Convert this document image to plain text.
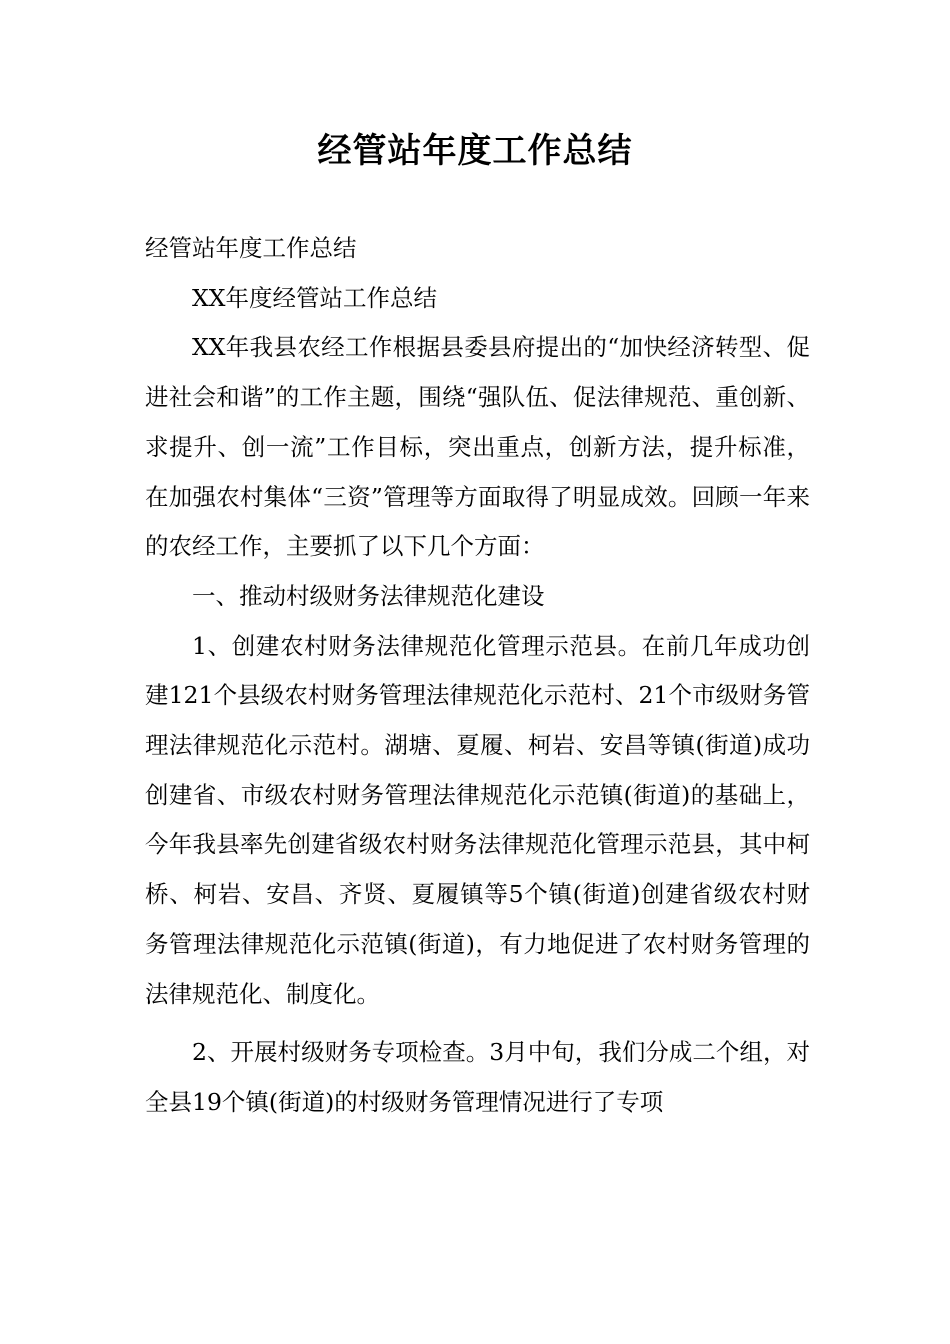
经管站年度工作总结

经管站年度工作总结

XX年度经管站工作总结

XX年我县农经工作根据县委县府提出的“加快经济转型、促进社会和谐”的工作主题，围绕“强队伍、促法律规范、重创新、求提升、创一流”工作目标，突出重点，创新方法，提升标准，在加强农村集体“三资”管理等方面取得了明显成效。回顾一年来的农经工作，主要抓了以下几个方面：

一、推动村级财务法律规范化建设

1、创建农村财务法律规范化管理示范县。在前几年成功创建121个县级农村财务管理法律规范化示范村、21个市级财务管理法律规范化示范村。湖塘、夏履、柯岩、安昌等镇(街道)成功创建省、市级农村财务管理法律规范化示范镇(街道)的基础上，今年我县率先创建省级农村财务法律规范化管理示范县，其中柯桥、柯岩、安昌、齐贤、夏履镇等5个镇(街道)创建省级农村财务管理法律规范化示范镇(街道)，有力地促进了农村财务管理的法律规范化、制度化。

2、开展村级财务专项检查。3月中旬，我们分成二个组，对全县19个镇(街道)的村级财务管理情况进行了专项
